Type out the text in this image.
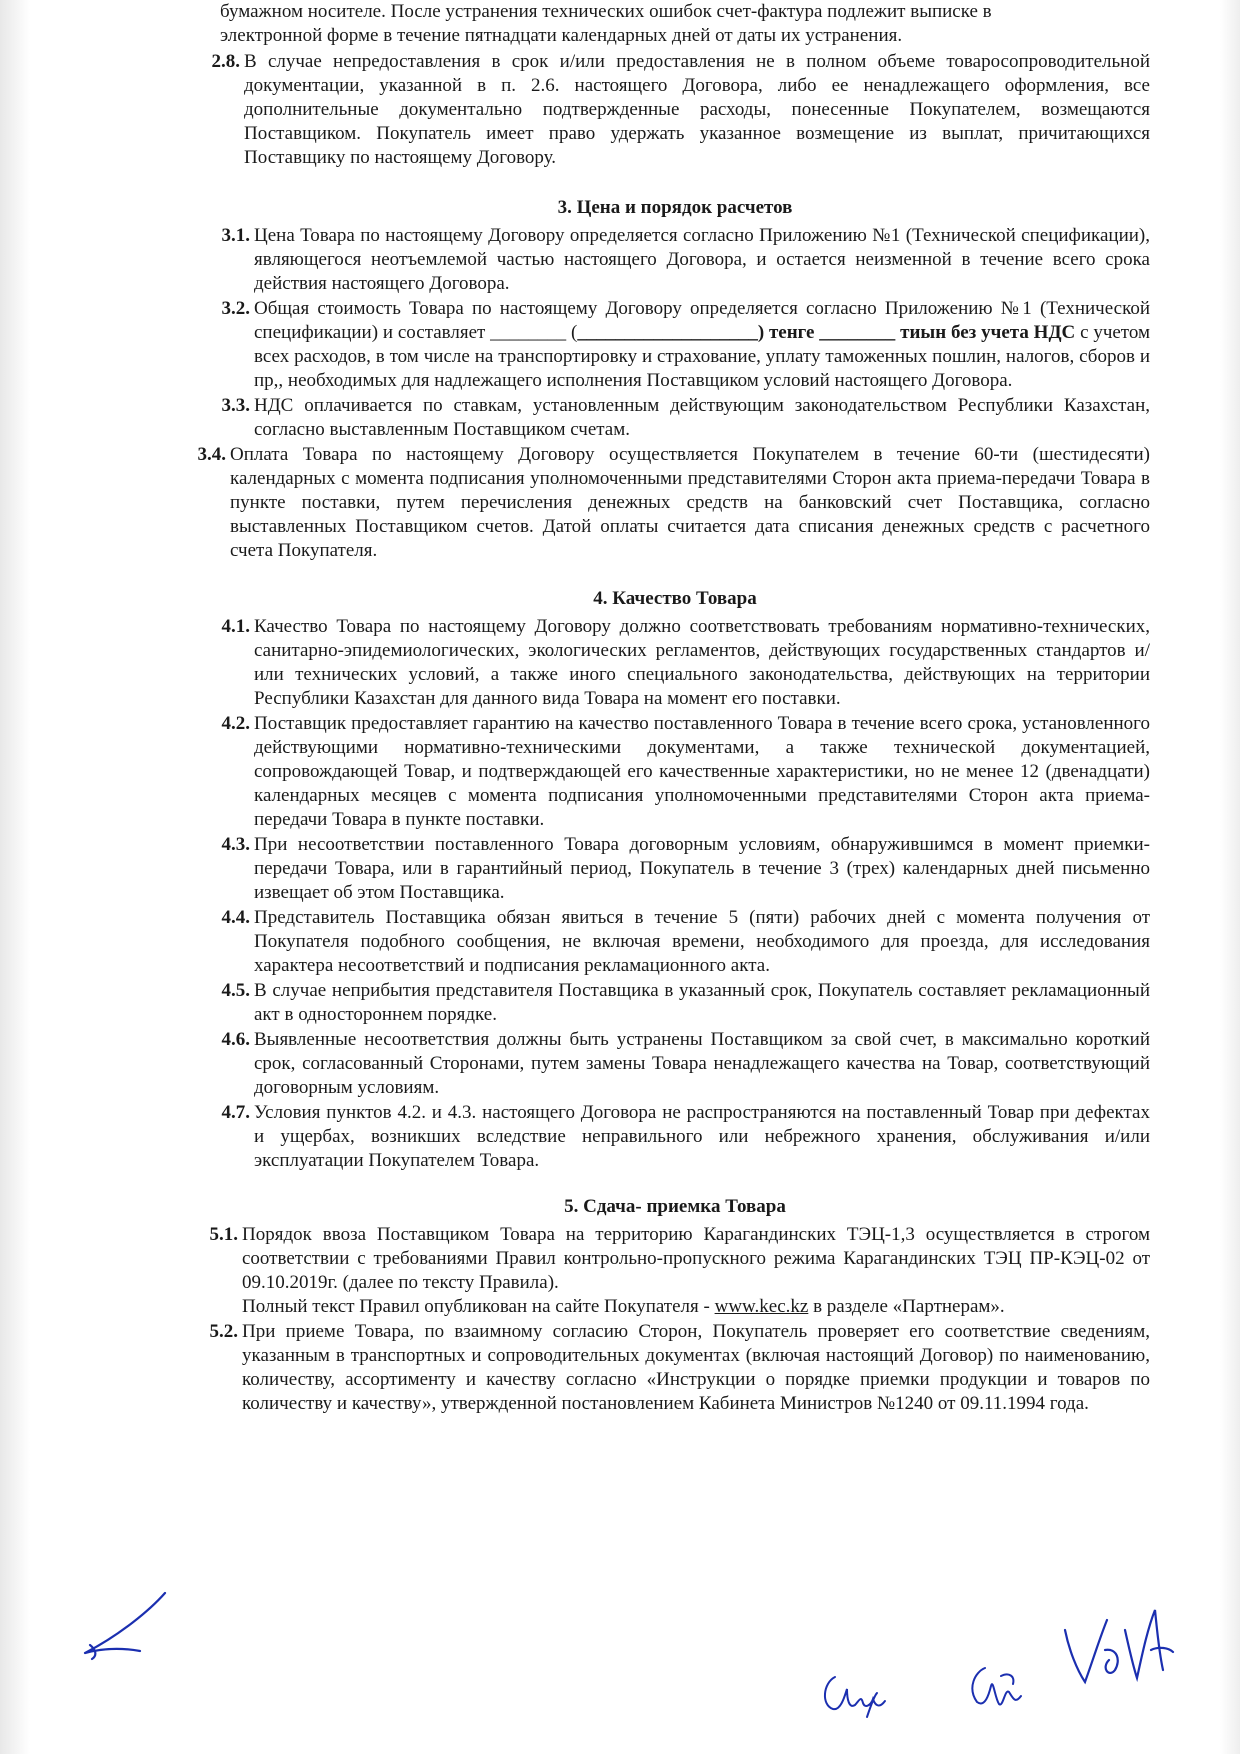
бумажном носителе. После устранения технических ошибок счет-фактура подлежит выписке в
электронной форме в течение пятнадцати календарных дней от даты их устранения.
2.8. В случае непредоставления в срок и/или предоставления не в полном объеме товаросопроводительной документации, указанной в п. 2.6. настоящего Договора, либо ее ненадлежащего оформления, все дополнительные документально подтвержденные расходы, понесенные Покупателем, возмещаются Поставщиком. Покупатель имеет право удержать указанное возмещение из выплат, причитающихся Поставщику по настоящему Договору.
3. Цена и порядок расчетов
3.1. Цена Товара по настоящему Договору определяется согласно Приложению №1 (Технической спецификации), являющегося неотъемлемой частью настоящего Договора, и остается неизменной в течение всего срока действия настоящего Договора.
3.2. Общая стоимость Товара по настоящему Договору определяется согласно Приложению №1 (Технической спецификации) и составляет ________ (___________________) тенге ________ тиын без учета НДС с учетом всех расходов, в том числе на транспортировку и страхование, уплату таможенных пошлин, налогов, сборов и пр,, необходимых для надлежащего исполнения Поставщиком условий настоящего Договора.
3.3. НДС оплачивается по ставкам, установленным действующим законодательством Республики Казахстан, согласно выставленным Поставщиком счетам.
3.4. Оплата Товара по настоящему Договору осуществляется Покупателем в течение 60-ти (шестидесяти) календарных с момента подписания уполномоченными представителями Сторон акта приема-передачи Товара в пункте поставки, путем перечисления денежных средств на банковский счет Поставщика, согласно выставленных Поставщиком счетов. Датой оплаты считается дата списания денежных средств с расчетного счета Покупателя.
4. Качество Товара
4.1. Качество Товара по настоящему Договору должно соответствовать требованиям нормативно-технических, санитарно-эпидемиологических, экологических регламентов, действующих государственных стандартов и/или технических условий, а также иного специального законодательства, действующих на территории Республики Казахстан для данного вида Товара на момент его поставки.
4.2. Поставщик предоставляет гарантию на качество поставленного Товара в течение всего срока, установленного действующими нормативно-техническими документами, а также технической документацией, сопровождающей Товар, и подтверждающей его качественные характеристики, но не менее 12 (двенадцати) календарных месяцев с момента подписания уполномоченными представителями Сторон акта приема-передачи Товара в пункте поставки.
4.3. При несоответствии поставленного Товара договорным условиям, обнаружившимся в момент приемки-передачи Товара, или в гарантийный период, Покупатель в течение 3 (трех) календарных дней письменно извещает об этом Поставщика.
4.4. Представитель Поставщика обязан явиться в течение 5 (пяти) рабочих дней с момента получения от Покупателя подобного сообщения, не включая времени, необходимого для проезда, для исследования характера несоответствий и подписания рекламационного акта.
4.5. В случае неприбытия представителя Поставщика в указанный срок, Покупатель составляет рекламационный акт в одностороннем порядке.
4.6. Выявленные несоответствия должны быть устранены Поставщиком за свой счет, в максимально короткий срок, согласованный Сторонами, путем замены Товара ненадлежащего качества на Товар, соответствующий договорным условиям.
4.7. Условия пунктов 4.2. и 4.3. настоящего Договора не распространяются на поставленный Товар при дефектах и ущербах, возникших вследствие неправильного или небрежного хранения, обслуживания и/или эксплуатации Покупателем Товара.
5. Сдача- приемка Товара
5.1. Порядок ввоза Поставщиком Товара на территорию Карагандинских ТЭЦ-1,3 осуществляется в строгом соответствии с требованиями Правил контрольно-пропускного режима Карагандинских ТЭЦ ПР-КЭЦ-02 от 09.10.2019г. (далее по тексту Правила).
Полный текст Правил опубликован на сайте Покупателя - www.kec.kz в разделе «Партнерам».
5.2. При приеме Товара, по взаимному согласию Сторон, Покупатель проверяет его соответствие сведениям, указанным в транспортных и сопроводительных документах (включая настоящий Договор) по наименованию, количеству, ассортименту и качеству согласно «Инструкции о порядке приемки продукции и товаров по количеству и качеству», утвержденной постановлением Кабинета Министров №1240 от 09.11.1994 года.
